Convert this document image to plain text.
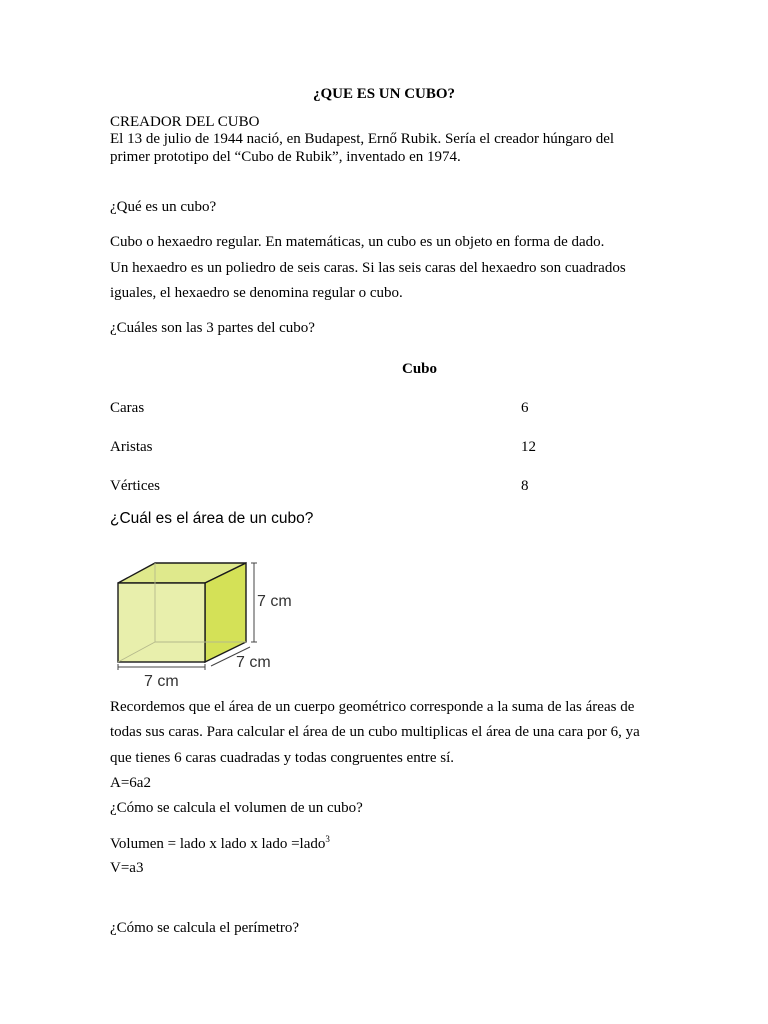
¿QUE ES UN CUBO?
CREADOR DEL CUBO
El 13 de julio de 1944 nació, en Budapest, Ernő Rubik. Sería el creador húngaro del
primer prototipo del “Cubo de Rubik”, inventado en 1974.
¿Qué es un cubo?
Cubo o hexaedro regular. En matemáticas, un cubo es un objeto en forma de dado.
Un hexaedro es un poliedro de seis caras. Si las seis caras del hexaedro son cuadrados
iguales, el hexaedro se denomina regular o cubo.
¿Cuáles son las 3 partes del cubo?
Cubo
Caras	6
Aristas	12
Vértices	8
¿Cuál es el área de un cubo?
7 cm
7 cm
7 cm
Recordemos que el área de un cuerpo geométrico corresponde a la suma de las áreas de
todas sus caras. Para calcular el área de un cubo multiplicas el área de una cara por 6, ya
que tienes 6 caras cuadradas y todas congruentes entre sí.
A=6a2
¿Cómo se calcula el volumen de un cubo?
Volumen = lado x lado x lado =lado$^3$
V=a3
¿Cómo se calcula el perímetro?
